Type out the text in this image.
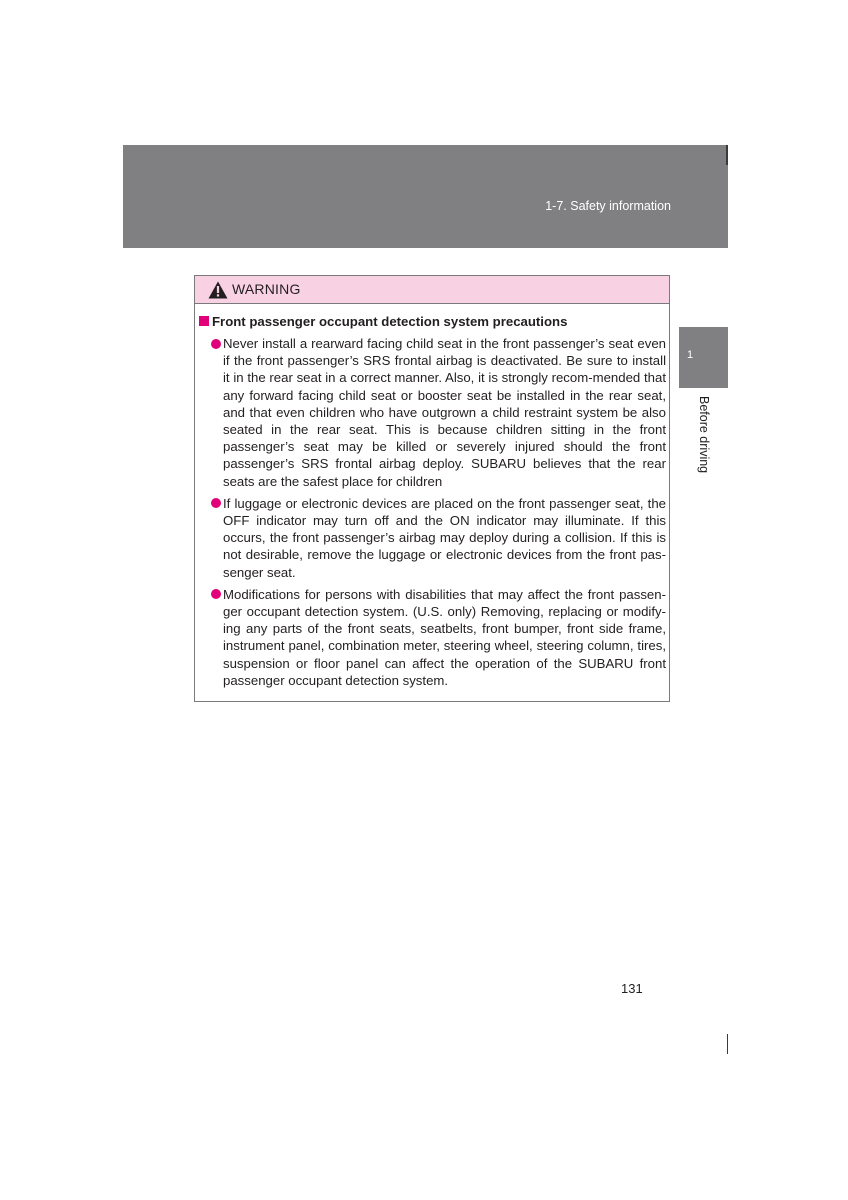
1-7. Safety information
1
Before driving
WARNING
Front passenger occupant detection system precautions
Never install a rearward facing child seat in the front passenger’s seat even if the front passenger’s SRS frontal airbag is deactivated. Be sure to install it in the rear seat in a correct manner. Also, it is strongly recom-mended that any forward facing child seat or booster seat be installed in the rear seat, and that even children who have outgrown a child restraint system be also seated in the rear seat. This is because children sitting in the front passenger’s seat may be killed or severely injured should the front passenger’s SRS frontal airbag deploy. SUBARU believes that the rear seats are the safest place for children
If luggage or electronic devices are placed on the front passenger seat, the OFF indicator may turn off and the ON indicator may illuminate. If this occurs, the front passenger’s airbag may deploy during a collision. If this is not desirable, remove the luggage or electronic devices from the front pas-senger seat.
Modifications for persons with disabilities that may affect the front passen-ger occupant detection system. (U.S. only) Removing, replacing or modify-ing any parts of the front seats, seatbelts, front bumper, front side frame, instrument panel, combination meter, steering wheel, steering column, tires, suspension or floor panel can affect the operation of the SUBARU front passenger occupant detection system.
131
